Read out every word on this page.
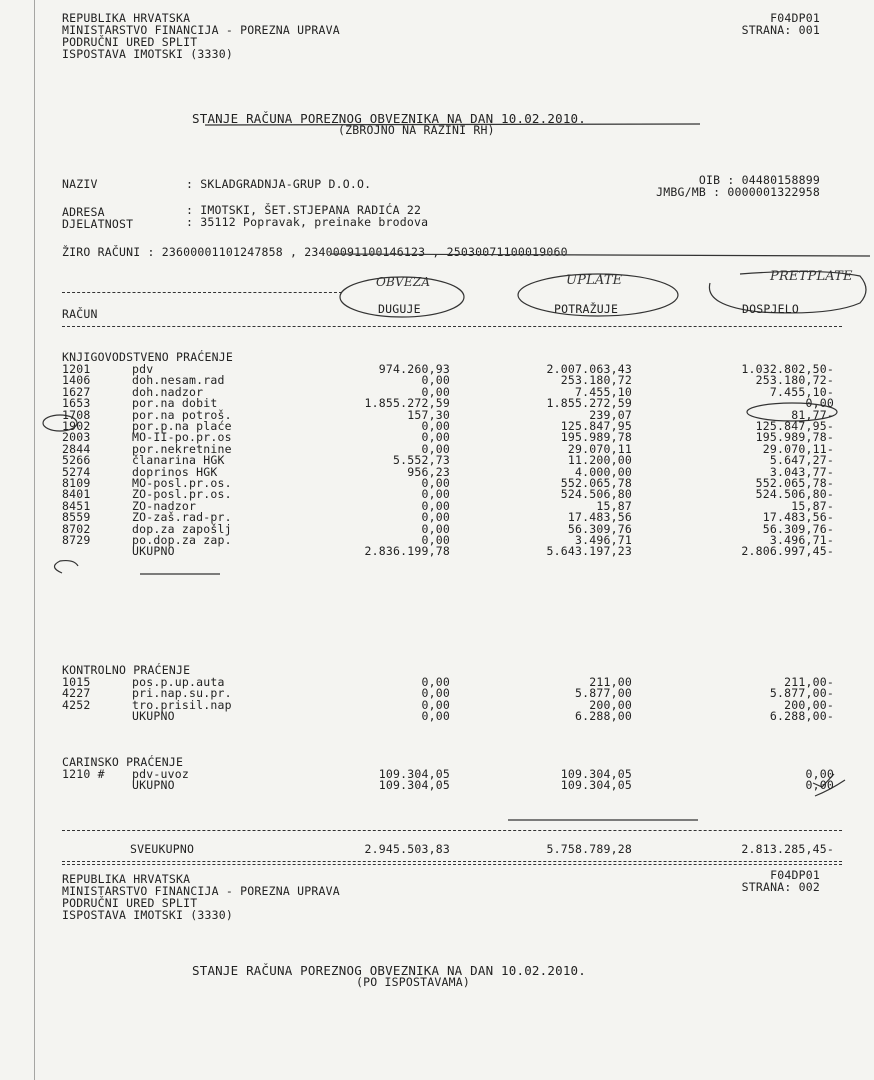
REPUBLIKA HRVATSKA
MINISTARSTVO FINANCIJA - POREZNA UPRAVA
PODRUČNI URED SPLIT
ISPOSTAVA IMOTSKI (3330)
F04DP01
STRANA: 001
STANJE RAČUNA POREZNOG OBVEZNIKA NA DAN 10.02.2010.
(ZBROJNO NA RAZINI RH)
NAZIV	: SKLADGRADNJA-GRUP D.O.O.	OIB : 04480158899
JMBG/MB : 0000001322958
ADRESA	: IMOTSKI, ŠET.STJEPANA RADIĆA 22
DJELATNOST	: 35112 Popravak, preinake brodova
ŽIRO RAČUNI : 23600001101247858 , 23400091100146123 , 25030071100019060
OBVEZA	UPLATE	PRETPLATE
RAČUN	DUGUJE	POTRAŽUJE	DOSPJELO
KNJIGOVODSTVENO PRAĆENJE
1201	pdv	974.260,93	2.007.063,43	1.032.802,50-
1406	doh.nesam.rad	0,00	253.180,72	253.180,72-
1627	doh.nadzor	0,00	7.455,10	7.455,10-
1653	por.na dobit	1.855.272,59	1.855.272,59	0,00
1708	por.na potroš.	157,30	239,07	81,77-
1902	por.p.na plaće	0,00	125.847,95	125.847,95-
2003	MO-II-po.pr.os	0,00	195.989,78	195.989,78-
2844	por.nekretnine	0,00	29.070,11	29.070,11-
5266	članarina HGK	5.552,73	11.200,00	5.647,27-
5274	doprinos HGK	956,23	4.000,00	3.043,77-
8109	MO-posl.pr.os.	0,00	552.065,78	552.065,78-
8401	ZO-posl.pr.os.	0,00	524.506,80	524.506,80-
8451	ZO-nadzor	0,00	15,87	15,87-
8559	ZO-zaš.rad-pr.	0,00	17.483,56	17.483,56-
8702	dop.za zapošlj	0,00	56.309,76	56.309,76-
8729	po.dop.za zap.	0,00	3.496,71	3.496,71-
UKUPNO	2.836.199,78	5.643.197,23	2.806.997,45-
KONTROLNO PRAĆENJE
1015	pos.p.up.auta	0,00	211,00	211,00-
4227	pri.nap.su.pr.	0,00	5.877,00	5.877,00-
4252	tro.prisil.nap	0,00	200,00	200,00-
UKUPNO	0,00	6.288,00	6.288,00-
CARINSKO PRAĆENJE
1210 # pdv-uvoz	109.304,05	109.304,05	0,00
UKUPNO	109.304,05	109.304,05	0,00
SVEUKUPNO	2.945.503,83	5.758.789,28	2.813.285,45-
REPUBLIKA HRVATSKA
MINISTARSTVO FINANCIJA - POREZNA UPRAVA
PODRUČNI URED SPLIT
ISPOSTAVA IMOTSKI (3330)
F04DP01
STRANA: 002
STANJE RAČUNA POREZNOG OBVEZNIKA NA DAN 10.02.2010.
(PO ISPOSTAVAMA)
